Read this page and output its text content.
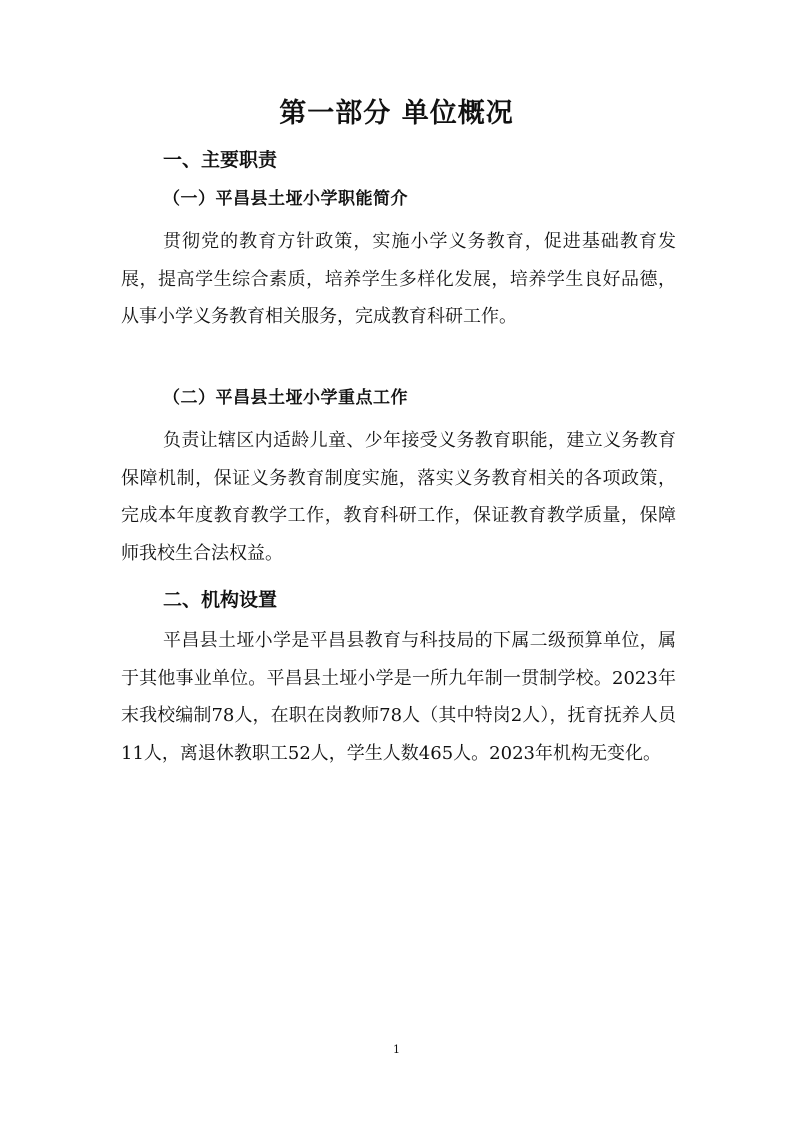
第一部分 单位概况
一、主要职责
（一）平昌县土垭小学职能简介

贯彻党的教育方针政策，实施小学义务教育，促进基础教育发展，提高学生综合素质，培养学生多样化发展，培养学生良好品德，从事小学义务教育相关服务，完成教育科研工作。

（二）平昌县土垭小学重点工作

负责让辖区内适龄儿童、少年接受义务教育职能，建立义务教育保障机制，保证义务教育制度实施，落实义务教育相关的各项政策，完成本年度教育教学工作，教育科研工作，保证教育教学质量，保障师我校生合法权益。

二、机构设置

平昌县土垭小学是平昌县教育与科技局的下属二级预算单位，属于其他事业单位。平昌县土垭小学是一所九年制一贯制学校。2023年末我校编制78人，在职在岗教师78人（其中特岗2人），抚育抚养人员11人，离退休教职工52人，学生人数465人。2023年机构无变化。

1
